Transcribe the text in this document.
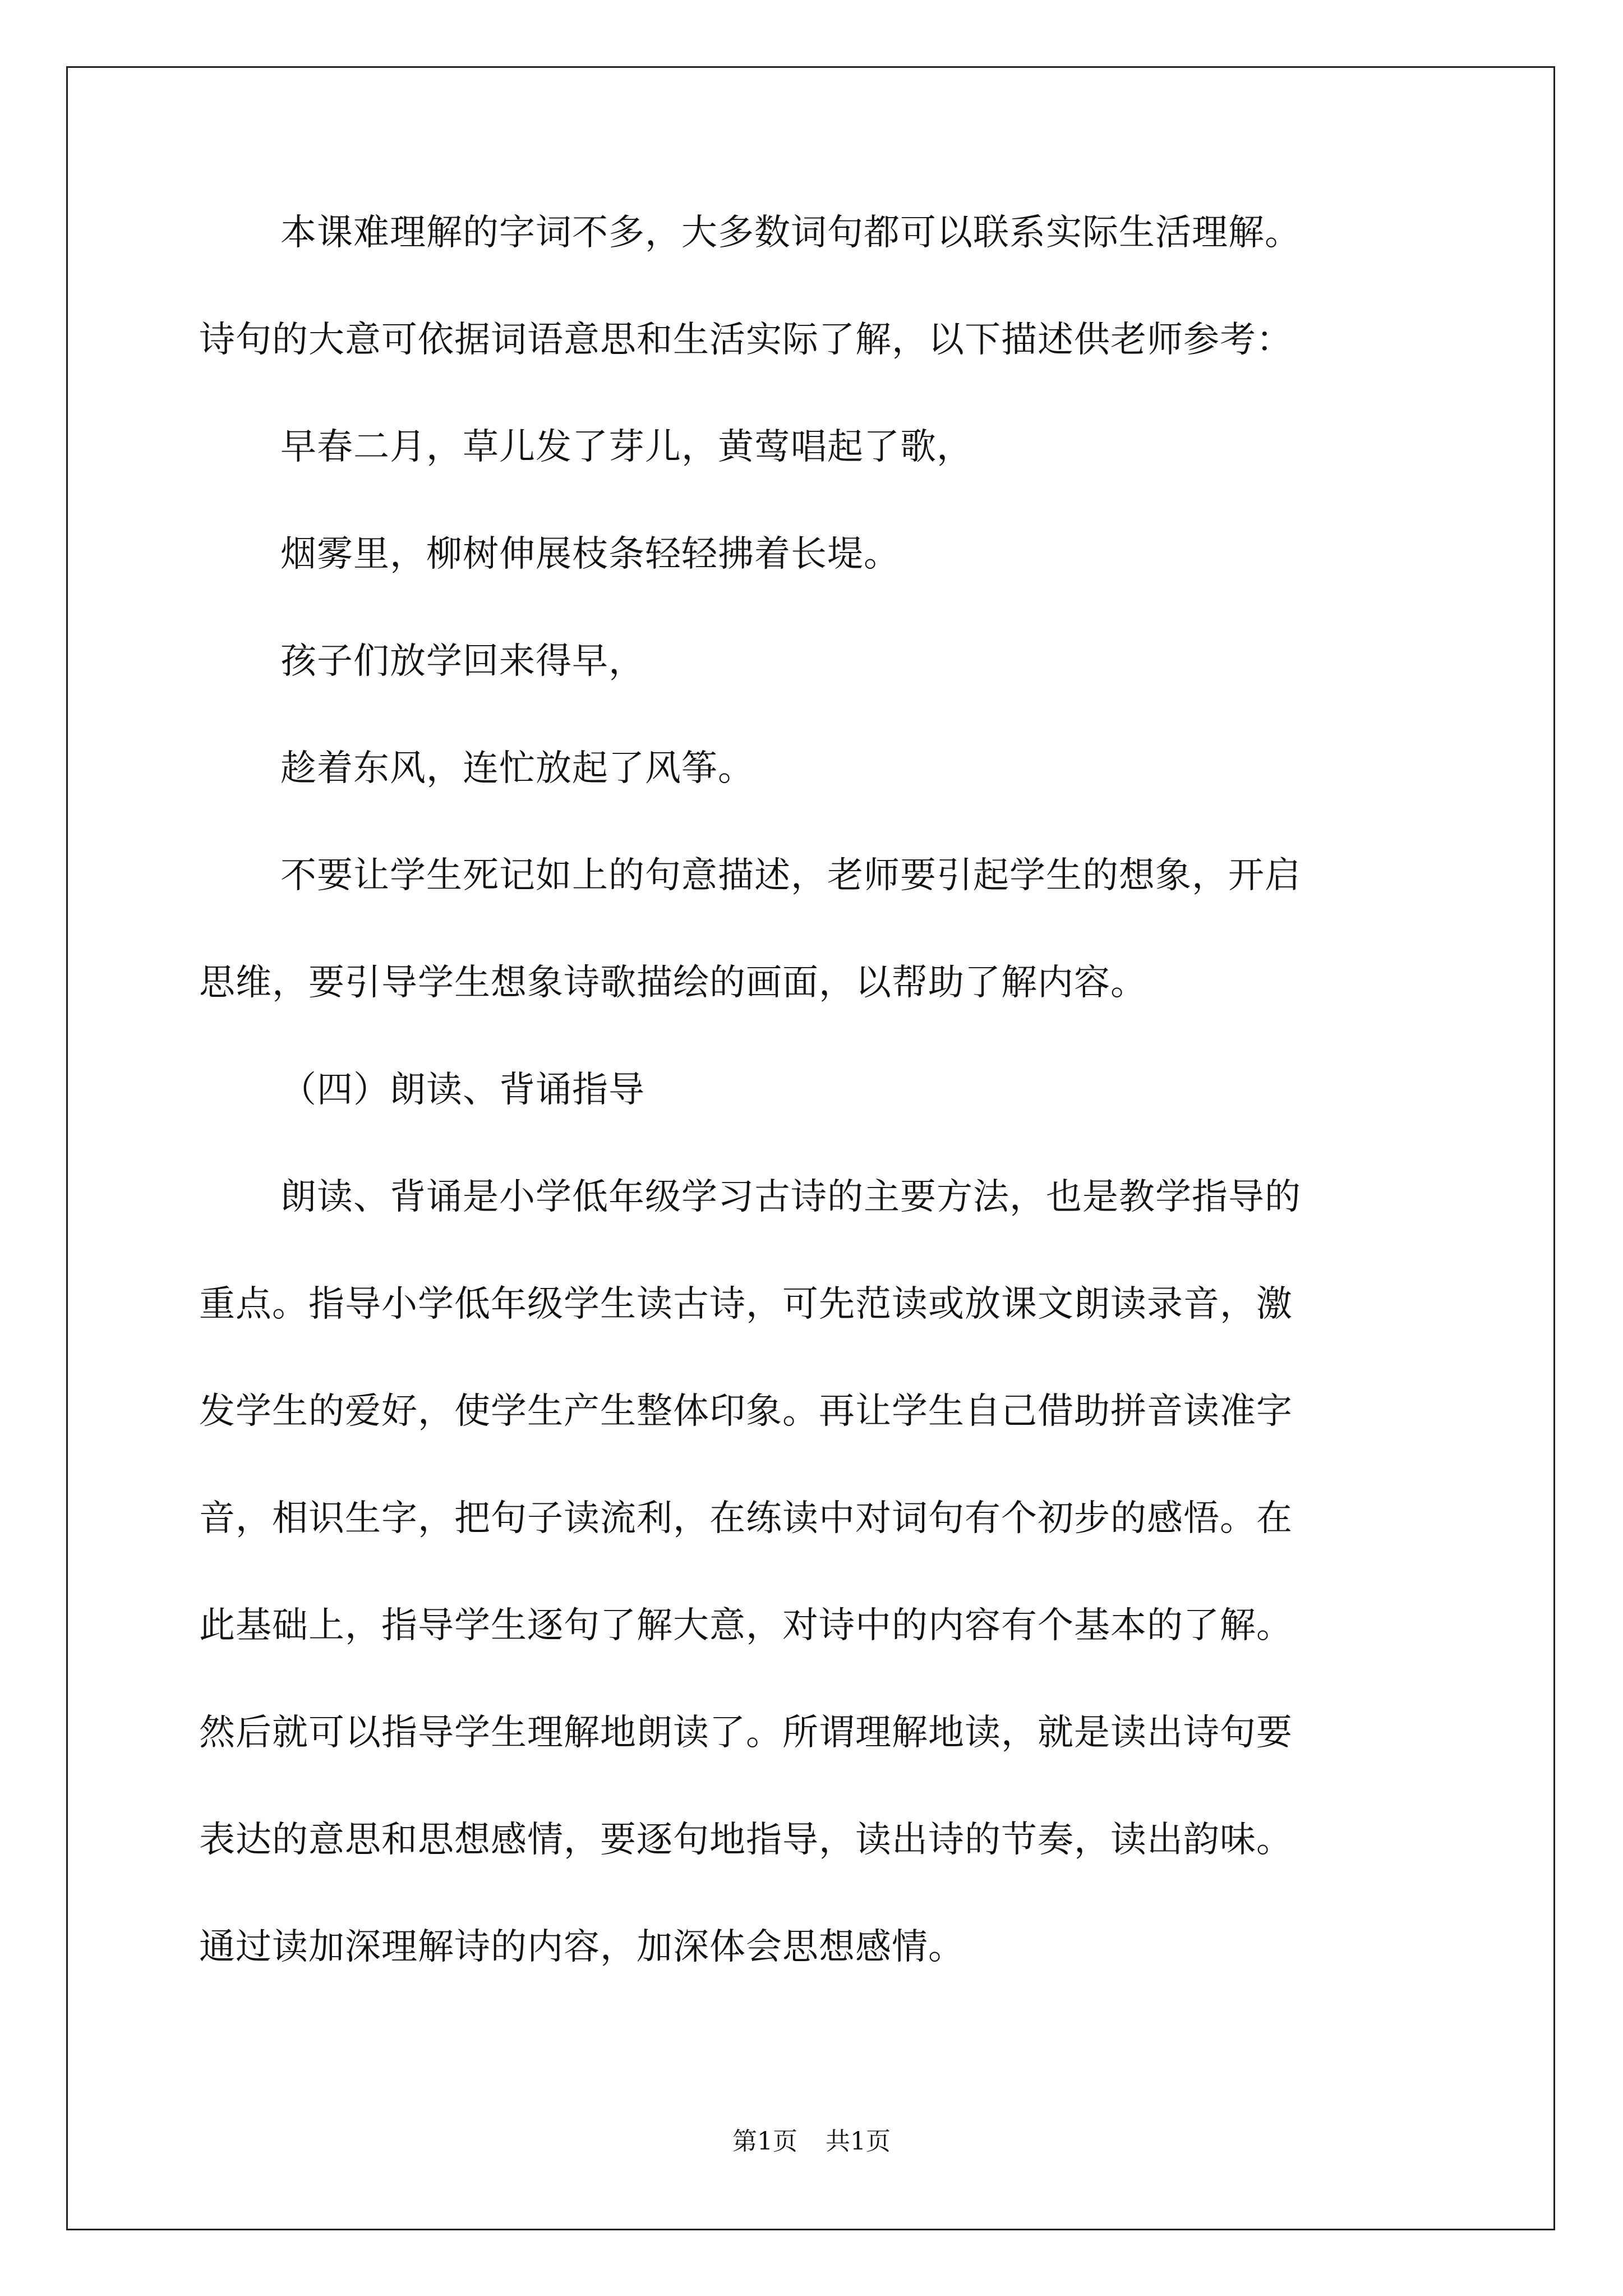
本课难理解的字词不多，大多数词句都可以联系实际生活理解。
诗句的大意可依据词语意思和生活实际了解，以下描述供老师参考：
早春二月，草儿发了芽儿，黄莺唱起了歌，
烟雾里，柳树伸展枝条轻轻拂着长堤。
孩子们放学回来得早，
趁着东风，连忙放起了风筝。
不要让学生死记如上的句意描述，老师要引起学生的想象，开启
思维，要引导学生想象诗歌描绘的画面，以帮助了解内容。
（四）朗读、背诵指导
朗读、背诵是小学低年级学习古诗的主要方法，也是教学指导的
重点。指导小学低年级学生读古诗，可先范读或放课文朗读录音，激
发学生的爱好，使学生产生整体印象。再让学生自己借助拼音读准字
音，相识生字，把句子读流利，在练读中对词句有个初步的感悟。在
此基础上，指导学生逐句了解大意，对诗中的内容有个基本的了解。
然后就可以指导学生理解地朗读了。所谓理解地读，就是读出诗句要
表达的意思和思想感情，要逐句地指导，读出诗的节奏，读出韵味。
通过读加深理解诗的内容，加深体会思想感情。
第1页 共1页
